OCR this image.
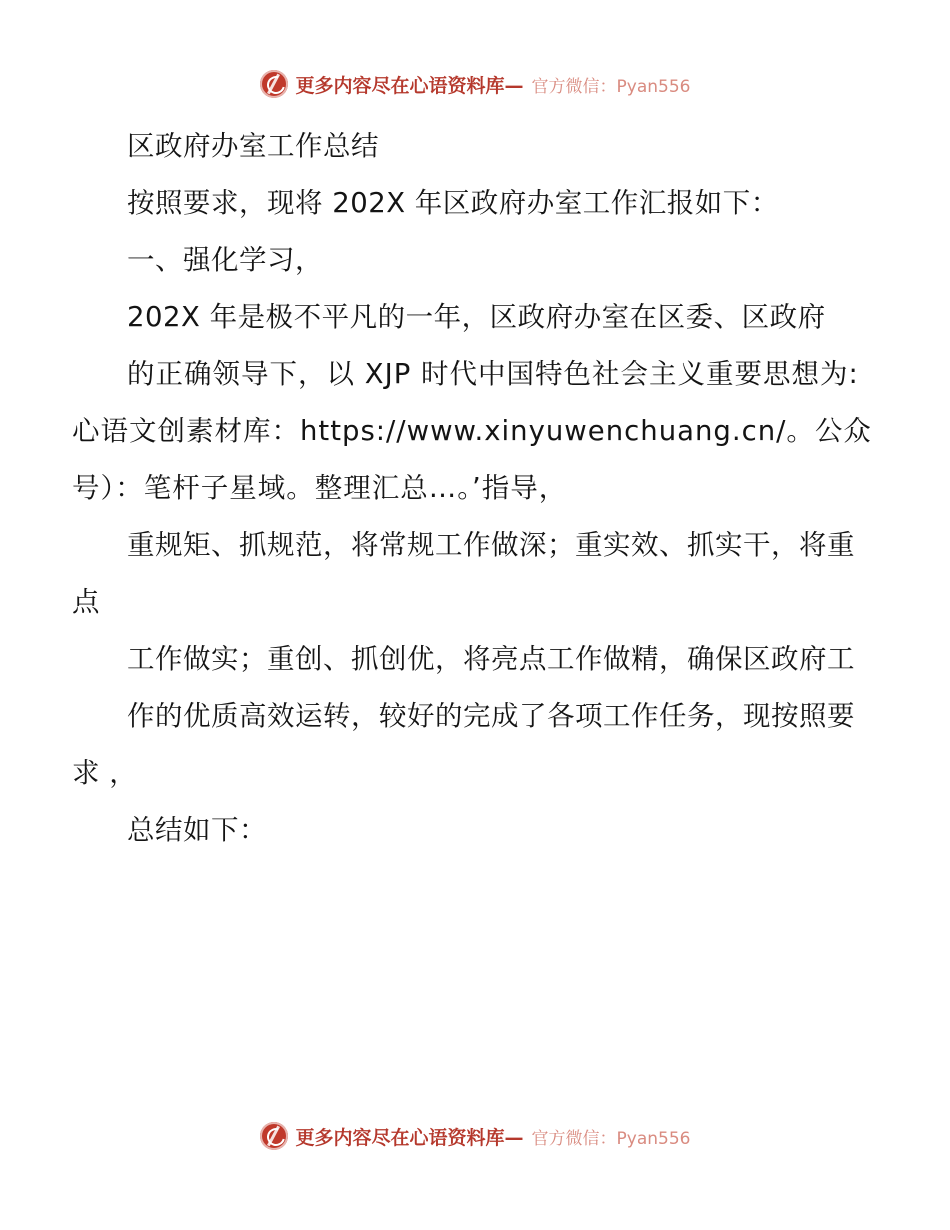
更多内容尽在心语资料库— 官方微信：Pyan556

区政府办室工作总结

按照要求，现将 202X 年区政府办室工作汇报如下：

一、强化学习，

202X 年是极不平凡的一年，区政府办室在区委、区政府

的正确领导下，以 XJP 时代中国特色社会主义重要思想为:心语文创素材库：https://www.xinyuwenchuang.cn/。公众号）：笔杆子星域。整理汇总…。’指导，

重规矩、抓规范，将常规工作做深；重实效、抓实干，将重点

工作做实；重创、抓创优，将亮点工作做精，确保区政府工

作的优质高效运转，较好的完成了各项工作任务，现按照要求 ，

总结如下：

更多内容尽在心语资料库— 官方微信：Pyan556
